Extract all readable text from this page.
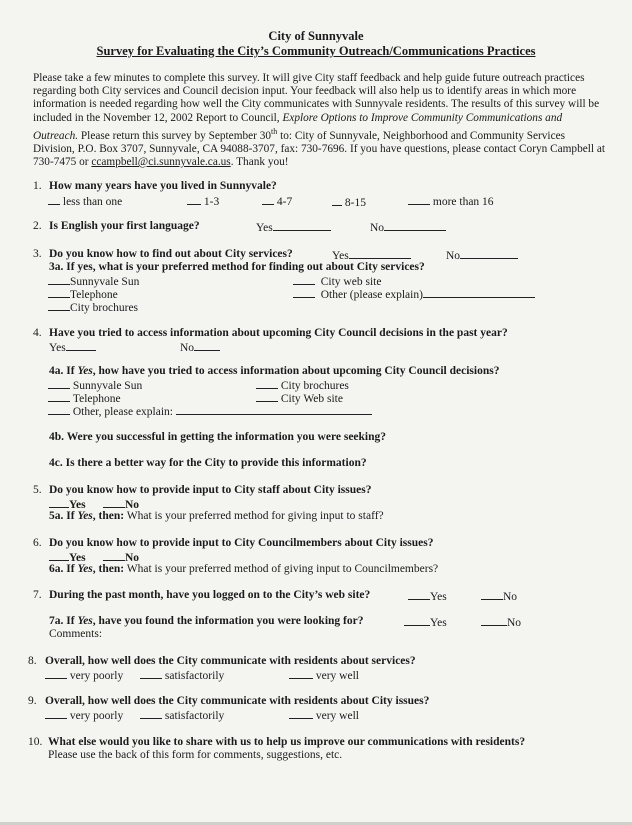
City of Sunnyvale
Survey for Evaluating the City’s Community Outreach/Communications Practices
Please take a few minutes to complete this survey. It will give City staff feedback and help guide future outreach practices regarding both City services and Council decision input. Your feedback will also help us to identify areas in which more information is needed regarding how well the City communicates with Sunnyvale residents. The results of this survey will be included in the November 12, 2002 Report to Council, Explore Options to Improve Community Communications and Outreach. Please return this survey by September 30th to: City of Sunnyvale, Neighborhood and Community Services Division, P.O. Box 3707, Sunnyvale, CA 94088-3707, fax: 730-7696. If you have questions, please contact Coryn Campbell at 730-7475 or ccampbell@ci.sunnyvale.ca.us. Thank you!
1. How many years have you lived in Sunnyvale?
less than one	1-3	4-7	8-15	more than 16
2. Is English your first language?	Yes	No
3. Do you know how to find out about City services?	Yes	No
3a. If yes, what is your preferred method for finding out about City services?
Sunnyvale Sun
Telephone
City brochures
City web site
Other (please explain)
4. Have you tried to access information about upcoming City Council decisions in the past year?
Yes	No
4a. If Yes, how have you tried to access information about upcoming City Council decisions?
Sunnyvale Sun
Telephone
Other, please explain:
City brochures
City Web site
4b. Were you successful in getting the information you were seeking?
4c. Is there a better way for the City to provide this information?
5. Do you know how to provide input to City staff about City issues?
Yes	No
5a. If Yes, then: What is your preferred method for giving input to staff?
6. Do you know how to provide input to City Councilmembers about City issues?
Yes	No
6a. If Yes, then: What is your preferred method of giving input to Councilmembers?
7. During the past month, have you logged on to the City’s web site?	Yes	No
7a. If Yes, have you found the information you were looking for?	Yes	No
Comments:
8. Overall, how well does the City communicate with residents about services?
very poorly	satisfactorily	very well
9. Overall, how well does the City communicate with residents about City issues?
very poorly	satisfactorily	very well
10. What else would you like to share with us to help us improve our communications with residents?
Please use the back of this form for comments, suggestions, etc.
